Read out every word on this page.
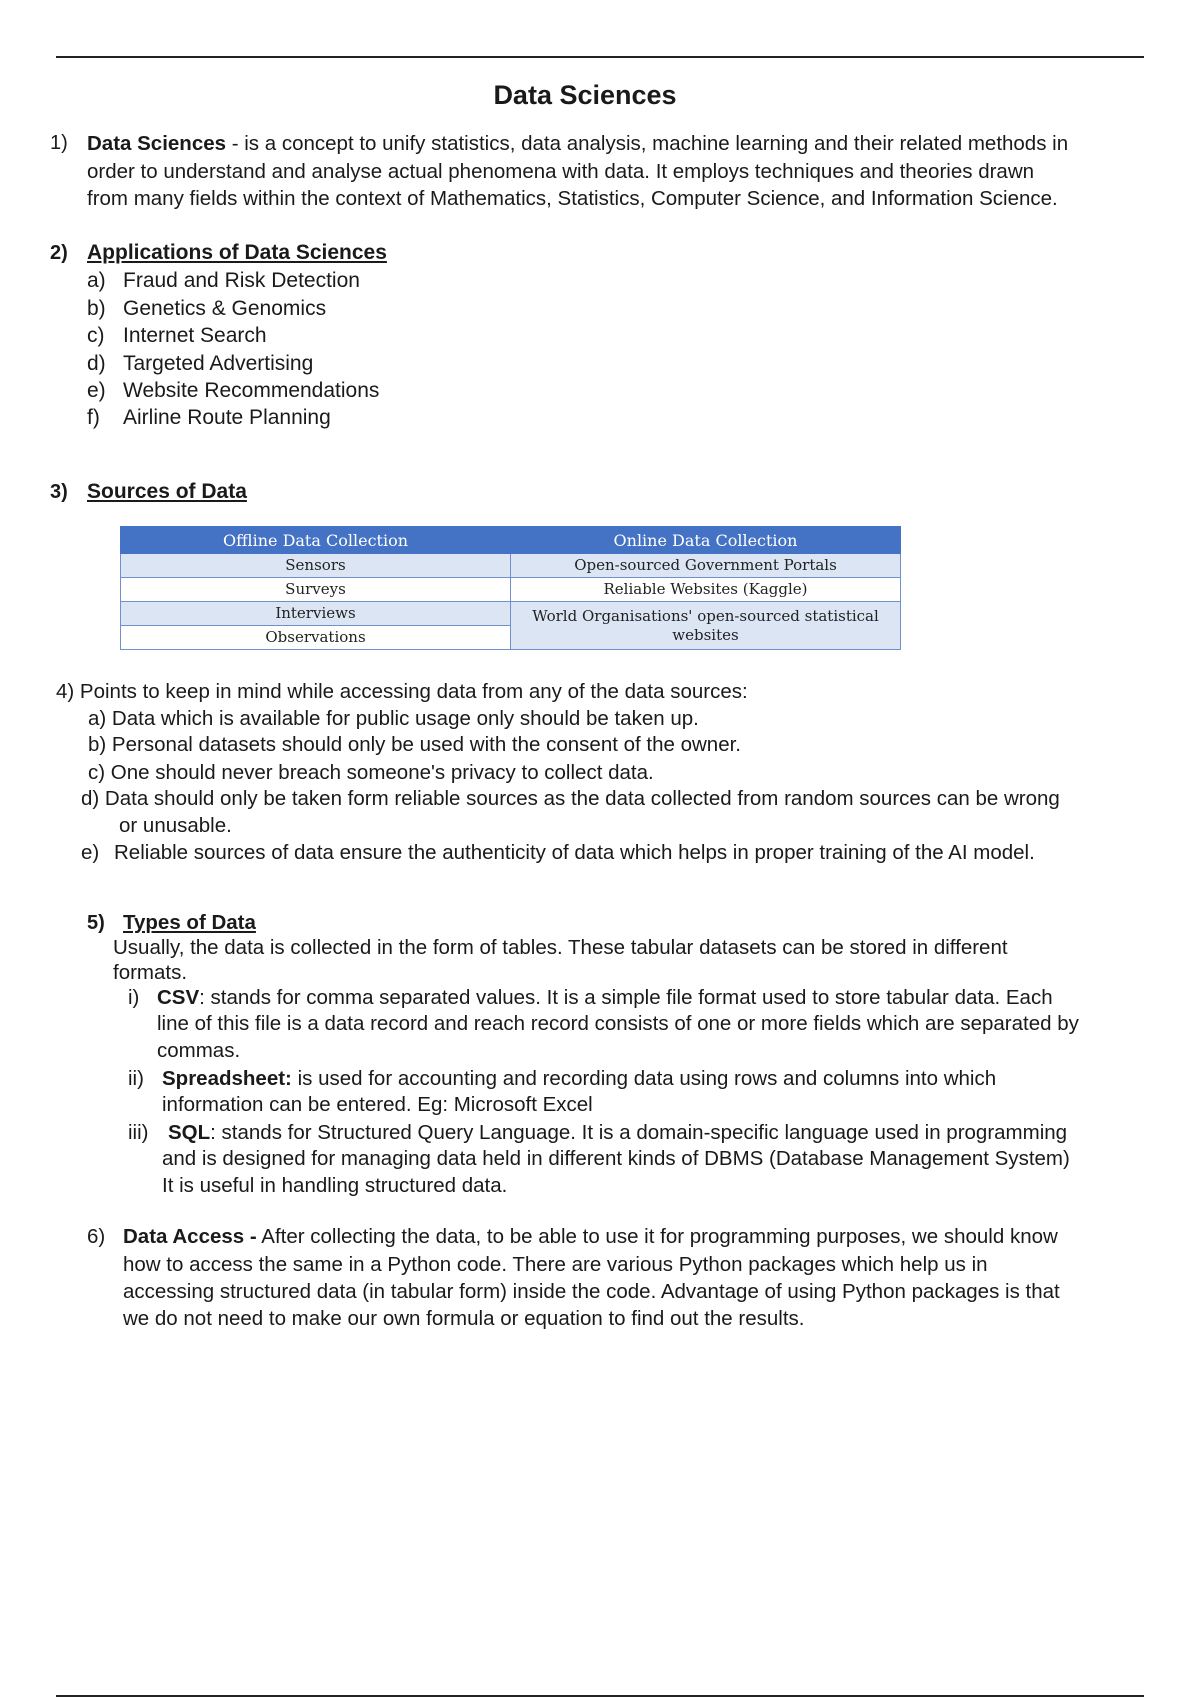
Data Sciences
1) Data Sciences - is a concept to unify statistics, data analysis, machine learning and their related methods in
order to understand and analyse actual phenomena with data. It employs techniques and theories drawn
from many fields within the context of Mathematics, Statistics, Computer Science, and Information Science.
2) Applications of Data Sciences
a) Fraud and Risk Detection
b) Genetics & Genomics
c) Internet Search
d) Targeted Advertising
e) Website Recommendations
f) Airline Route Planning
3) Sources of Data
Offline Data Collection	Online Data Collection
Sensors	Open-sourced Government Portals
Surveys	Reliable Websites (Kaggle)
Interviews	World Organisations' open-sourced statistical websites
Observations	
4) Points to keep in mind while accessing data from any of the data sources:
a) Data which is available for public usage only should be taken up.
b) Personal datasets should only be used with the consent of the owner.
c) One should never breach someone's privacy to collect data.
d) Data should only be taken form reliable sources as the data collected from random sources can be wrong
or unusable.
e) Reliable sources of data ensure the authenticity of data which helps in proper training of the AI model.
5) Types of Data
Usually, the data is collected in the form of tables. These tabular datasets can be stored in different
formats.
i) CSV: stands for comma separated values. It is a simple file format used to store tabular data. Each
line of this file is a data record and reach record consists of one or more fields which are separated by
commas.
ii) Spreadsheet: is used for accounting and recording data using rows and columns into which
information can be entered. Eg: Microsoft Excel
iii) SQL: stands for Structured Query Language. It is a domain-specific language used in programming
and is designed for managing data held in different kinds of DBMS (Database Management System)
It is useful in handling structured data.
6) Data Access - After collecting the data, to be able to use it for programming purposes, we should know
how to access the same in a Python code. There are various Python packages which help us in
accessing structured data (in tabular form) inside the code. Advantage of using Python packages is that
we do not need to make our own formula or equation to find out the results.
